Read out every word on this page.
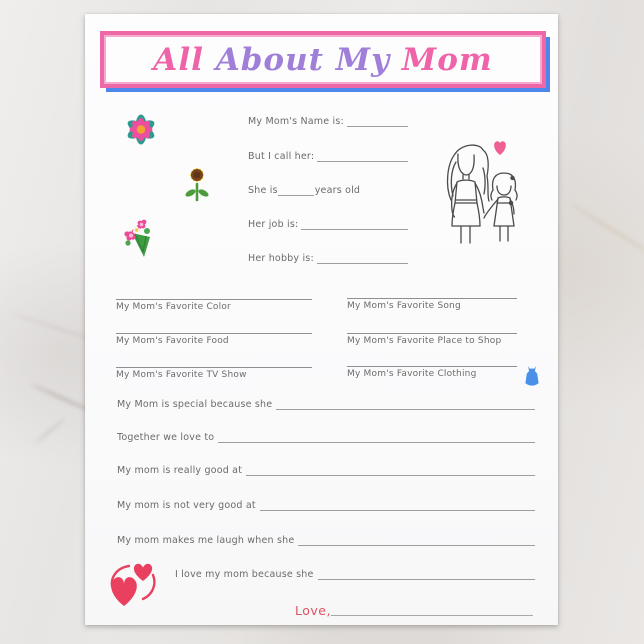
All About My Mom
My Mom's Name is:
But I call her:
She is	years old
Her job is:
Her hobby is:
My Mom's Favorite Color
My Mom's Favorite Food
My Mom's Favorite TV Show
My Mom's Favorite Song
My Mom's Favorite Place to Shop
My Mom's Favorite Clothing
My Mom is special because she
Together we love to
My mom is really good at
My mom is not very good at
My mom makes me laugh when she
I love my mom because she
Love,
